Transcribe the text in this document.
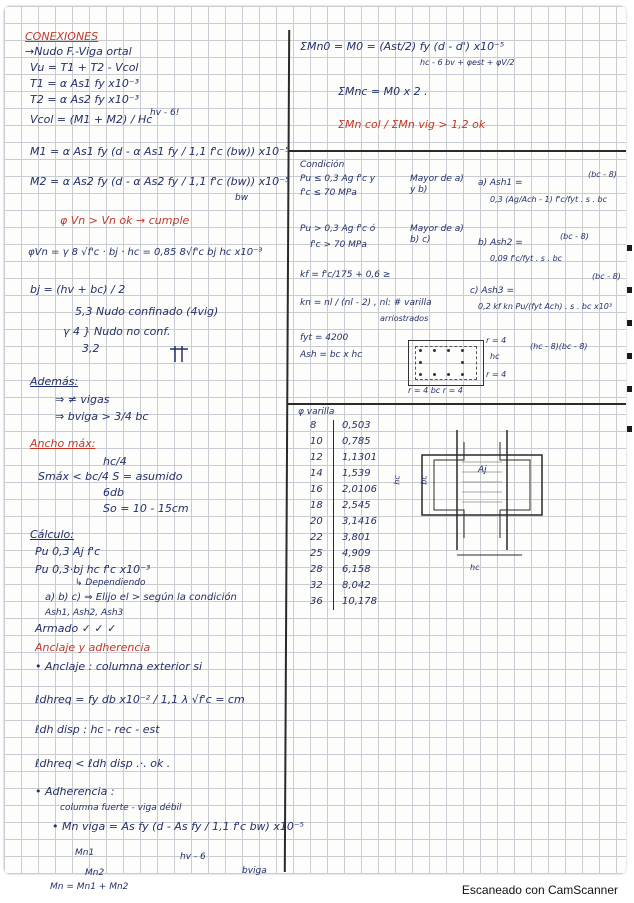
CONEXIONES
→Nudo F.-Viga ortal
Vu = T1 + T2 - Vcol
T1 = α As1 fy x10⁻³
T2 = α As2 fy x10⁻³
Vcol = (M1 + M2) / Hc
hv - 6!
M1 = α As1 fy (d - α As1 fy / 1,1 f'c (bw)) x10⁻⁵
M2 = α As2 fy (d - α As2 fy / 1,1 f'c (bw)) x10⁻⁵
bw
φ Vn > Vn ok → cumple
φVn = γ 8 √f'c · bj · hc = 0,85 8√f'c bj hc x10⁻³
bj = (hv + bc) / 2
5,3 Nudo confinado (4vig)
γ 4 } Nudo no conf.
3,2
Además:
⇒ ≠ vigas
⇒ bviga > 3/4 bc
Ancho máx:
hc/4
Smáx < bc/4 S = asumido
6db
So = 10 - 15cm
Cálculo:
Pu 0,3 Aj f'c
Pu 0,3·bj hc f'c x10⁻³
↳ Dependiendo
a) b) c) ⇒ Elijo el > según la condición
Ash1, Ash2, Ash3
Armado ✓ ✓ ✓
Anclaje y adherencia
• Anclaje : columna exterior si
ℓdhreq = fy db x10⁻² / 1,1 λ √f'c = cm
ℓdh disp : hc - rec - est
ℓdhreq < ℓdh disp .·. ok .
• Adherencia :
columna fuerte - viga débil
• Mn viga = As fy (d - As fy / 1,1 f'c bw) x10⁻⁵
Mn1	hv - 6
bviga
Mn2
Mn = Mn1 + Mn2
ΣMn0 = M0 = (Ast/2) fy (d - d') x10⁻⁵
hc - 6 bv + φest + φV/2
ΣMnc = M0 x 2 .
ΣMn col / ΣMn vig > 1,2 ok
Condición
Pu ≤ 0,3 Ag f'c y
f'c ≤ 70 MPa
Mayor de a) y b)
Pu > 0,3 Ag f'c ó
f'c > 70 MPa
Mayor de a) b) c)
a) Ash1 =
0,3 (Ag/Ach - 1) f'c/fyt . s . bc
(bc - 8)
b) Ash2 =
0,09 f'c/fyt . s . bc
(bc - 8)
c) Ash3 =
0,2 kf kn Pu/(fyt Ach) . s . bc x10³
(bc - 8)
(hc - 8)(bc - 8)
kf = f'c/175 + 0,6 ≥
kn = nl / (nl - 2) , nl: # varilla
arriostrados
fyt = 4200
Ash = bc x hc
r = 4
hc
r = 4
r = 4 bc r = 4
φ varilla
8	0,503
10 0,785
12 1,1301
14 1,539
16 2,0106
18 2,545
20 3,1416
22 3,801
25 4,909
28 6,158
32 8,042
36 10,178
Aj
hc bc
hc
Escaneado con CamScanner
